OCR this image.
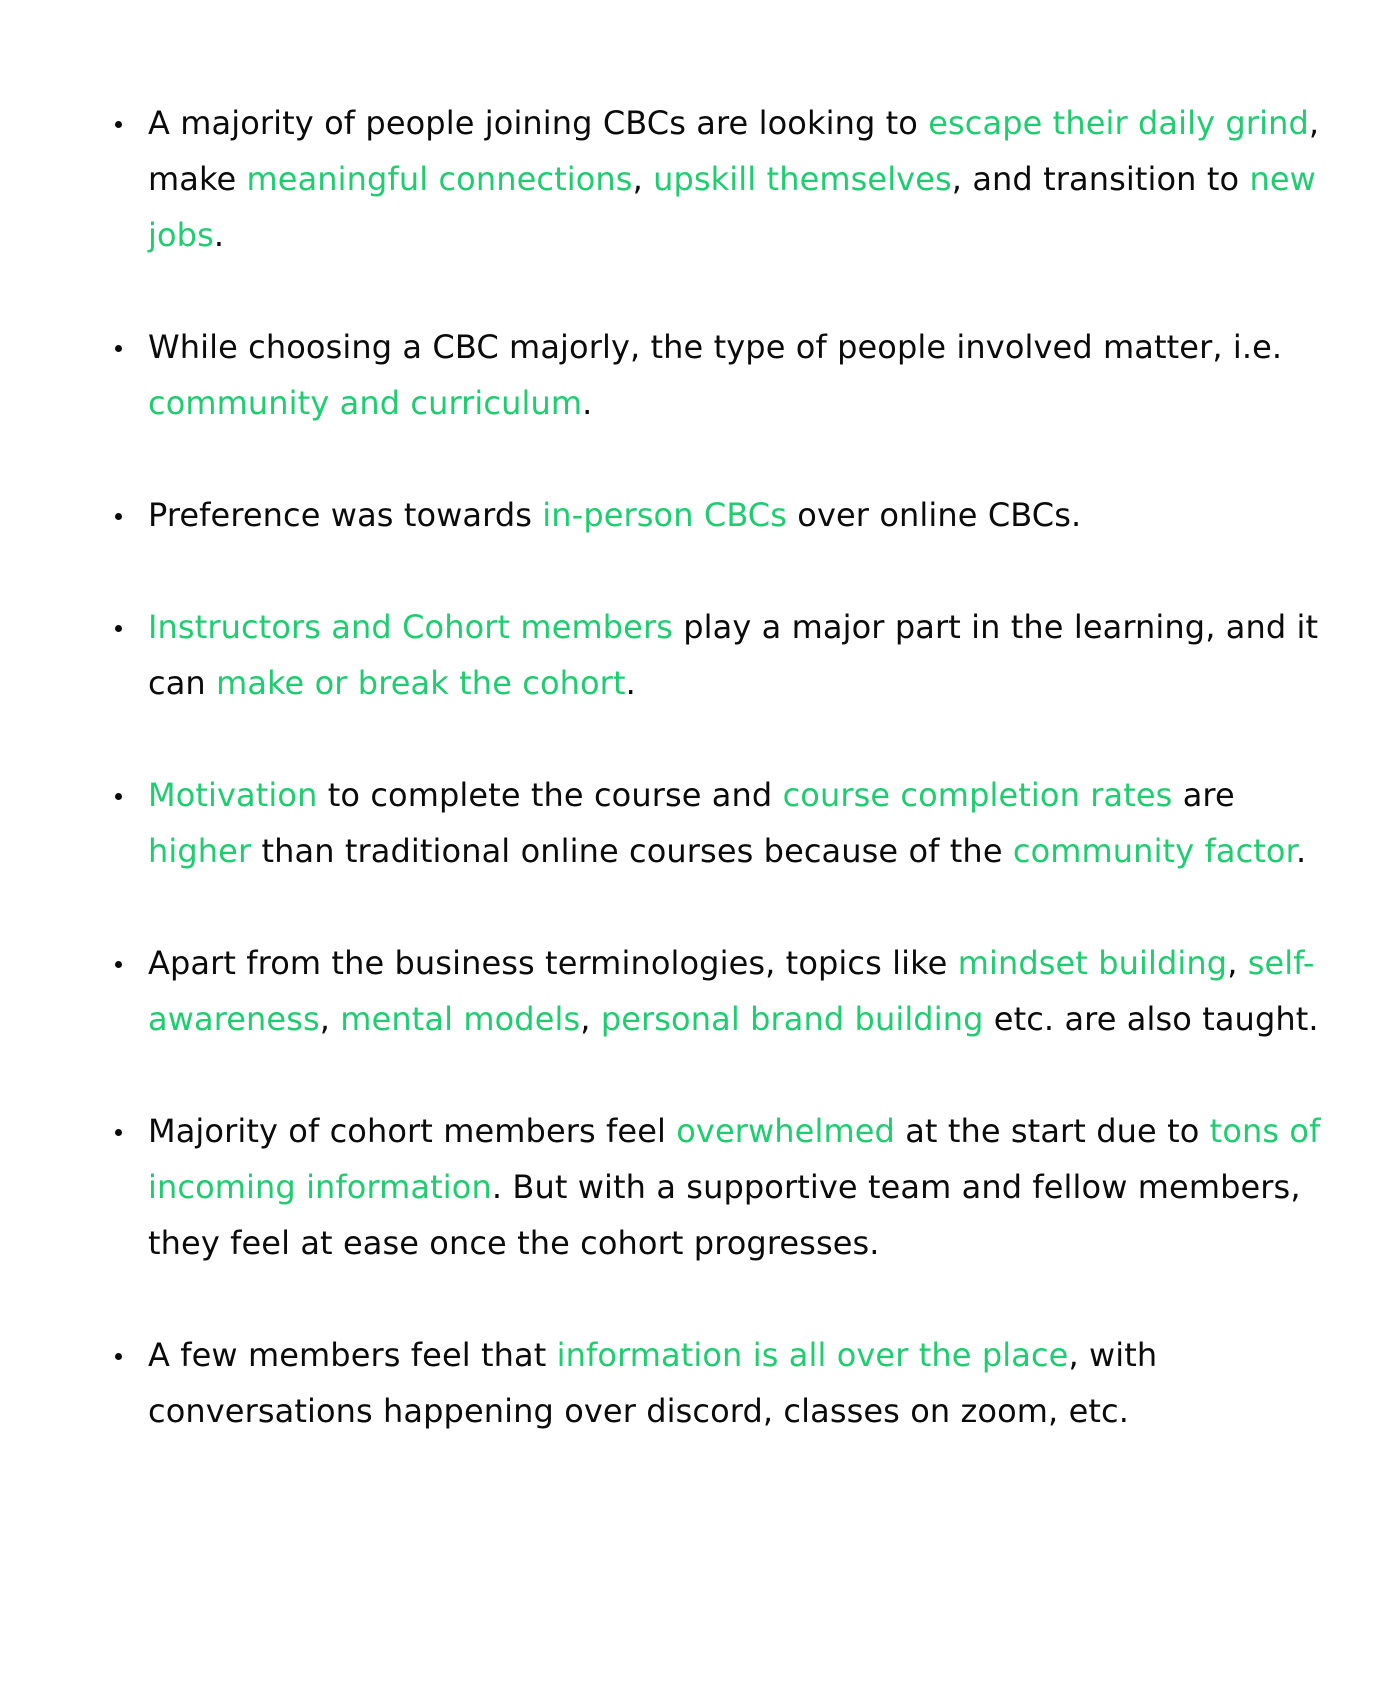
A majority of people joining CBCs are looking to escape their daily grind, make meaningful connections, upskill themselves, and transition to new jobs.
While choosing a CBC majorly, the type of people involved matter, i.e. community and curriculum.
Preference was towards in-person CBCs over online CBCs.
Instructors and Cohort members play a major part in the learning, and it can make or break the cohort.
Motivation to complete the course and course completion rates are higher than traditional online courses because of the community factor.
Apart from the business terminologies, topics like mindset building, self-awareness, mental models, personal brand building etc. are also taught.
Majority of cohort members feel overwhelmed at the start due to tons of incoming information. But with a supportive team and fellow members, they feel at ease once the cohort progresses.
A few members feel that information is all over the place, with conversations happening over discord, classes on zoom, etc.
